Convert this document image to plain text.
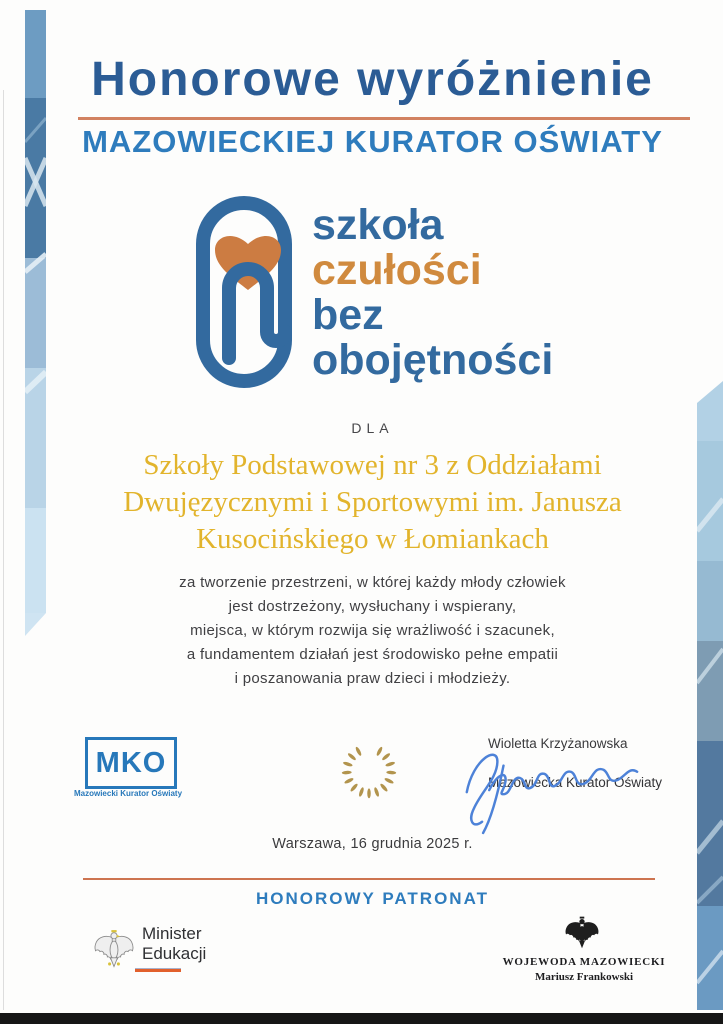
Honorowe wyróżnienie
MAZOWIECKIEJ KURATOR OŚWIATY
szkoła
czułości
bez
obojętności
DLA
Szkoły Podstawowej nr 3 z Oddziałami
Dwujęzycznymi i Sportowymi im. Janusza
Kusocińskiego w Łomiankach
za tworzenie przestrzeni, w której każdy młody człowiek
jest dostrzeżony, wysłuchany i wspierany,
miejsca, w którym rozwija się wrażliwość i szacunek,
a fundamentem działań jest środowisko pełne empatii
i poszanowania praw dzieci i młodzieży.
MKO
Mazowiecki Kurator Oświaty
Wioletta Krzyżanowska
Mazowiecka Kurator Oświaty
Warszawa, 16 grudnia 2025 r.
HONOROWY PATRONAT
Minister
Edukacji	WOJEWODA MAZOWIECKI
Mariusz Frankowski
